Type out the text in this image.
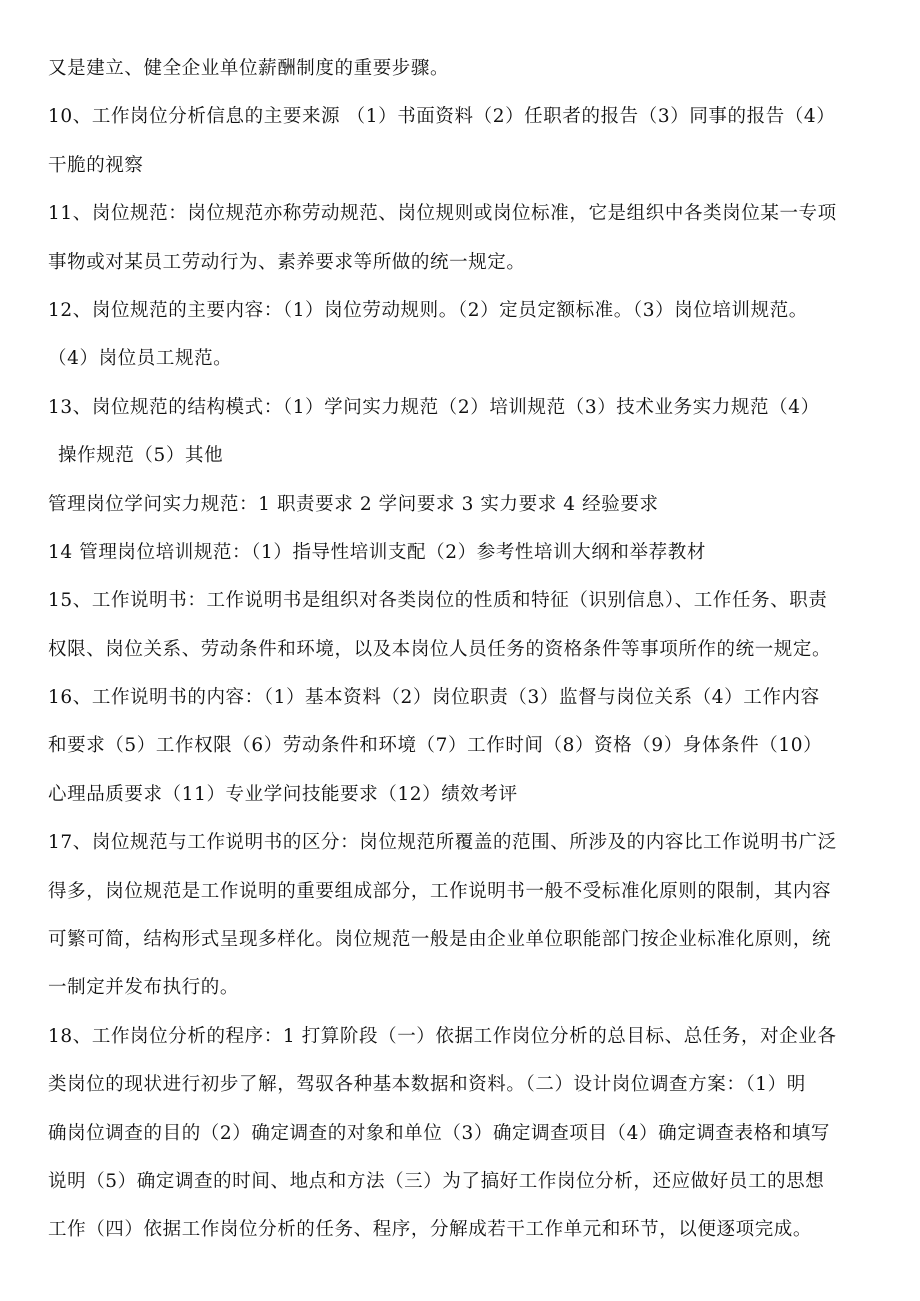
又是建立、健全企业单位薪酬制度的重要步骤。
10、工作岗位分析信息的主要来源 （1）书面资料（2）任职者的报告（3）同事的报告（4）
干脆的视察
11、岗位规范：岗位规范亦称劳动规范、岗位规则或岗位标准，它是组织中各类岗位某一专项
事物或对某员工劳动行为、素养要求等所做的统一规定。
12、岗位规范的主要内容：（1）岗位劳动规则。（2）定员定额标准。（3）岗位培训规范。
（4）岗位员工规范。
13、岗位规范的结构模式：（1）学问实力规范（2）培训规范（3）技术业务实力规范（4）
操作规范（5）其他
管理岗位学问实力规范：1 职责要求 2 学问要求 3 实力要求 4 经验要求
14 管理岗位培训规范：（1）指导性培训支配（2）参考性培训大纲和举荐教材
15、工作说明书：工作说明书是组织对各类岗位的性质和特征（识别信息）、工作任务、职责
权限、岗位关系、劳动条件和环境，以及本岗位人员任务的资格条件等事项所作的统一规定。
16、工作说明书的内容：（1）基本资料（2）岗位职责（3）监督与岗位关系（4）工作内容
和要求（5）工作权限（6）劳动条件和环境（7）工作时间（8）资格（9）身体条件（10）
心理品质要求（11）专业学问技能要求（12）绩效考评
17、岗位规范与工作说明书的区分：岗位规范所覆盖的范围、所涉及的内容比工作说明书广泛
得多，岗位规范是工作说明的重要组成部分，工作说明书一般不受标准化原则的限制，其内容
可繁可简，结构形式呈现多样化。岗位规范一般是由企业单位职能部门按企业标准化原则，统
一制定并发布执行的。
18、工作岗位分析的程序：1 打算阶段（一）依据工作岗位分析的总目标、总任务，对企业各
类岗位的现状进行初步了解，驾驭各种基本数据和资料。（二）设计岗位调查方案：（1）明
确岗位调查的目的（2）确定调查的对象和单位（3）确定调查项目（4）确定调查表格和填写
说明（5）确定调查的时间、地点和方法（三）为了搞好工作岗位分析，还应做好员工的思想
工作（四）依据工作岗位分析的任务、程序，分解成若干工作单元和环节，以便逐项完成。
